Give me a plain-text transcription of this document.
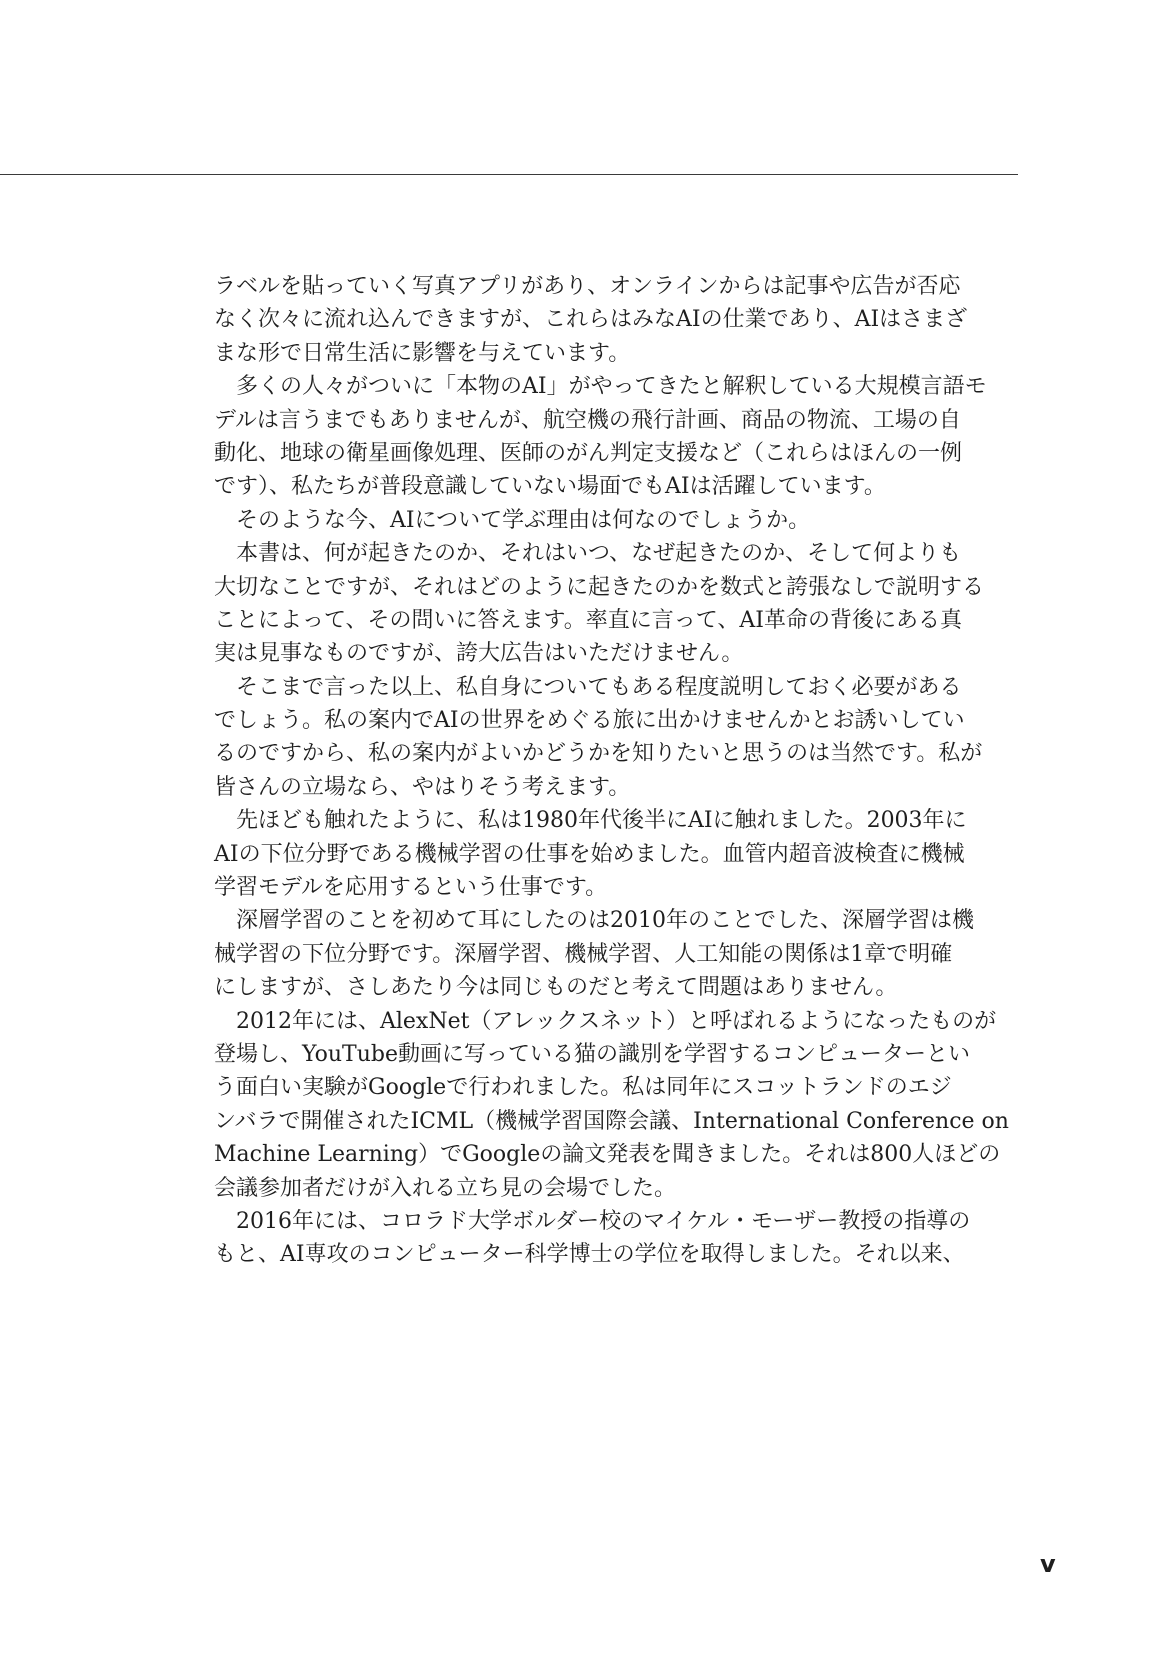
ラベルを貼っていく写真アプリがあり、オンラインからは記事や広告が否応
なく次々に流れ込んできますが、これらはみなAIの仕業であり、AIはさまざ
まな形で日常生活に影響を与えています。
多くの人々がついに「本物のAI」がやってきたと解釈している大規模言語モ
デルは言うまでもありませんが、航空機の飛行計画、商品の物流、工場の自
動化、地球の衛星画像処理、医師のがん判定支援など（これらはほんの一例
です）、私たちが普段意識していない場面でもAIは活躍しています。
そのような今、AIについて学ぶ理由は何なのでしょうか。
本書は、何が起きたのか、それはいつ、なぜ起きたのか、そして何よりも
大切なことですが、それはどのように起きたのかを数式と誇張なしで説明する
ことによって、その問いに答えます。率直に言って、AI革命の背後にある真
実は見事なものですが、誇大広告はいただけません。
そこまで言った以上、私自身についてもある程度説明しておく必要がある
でしょう。私の案内でAIの世界をめぐる旅に出かけませんかとお誘いしてい
るのですから、私の案内がよいかどうかを知りたいと思うのは当然です。私が
皆さんの立場なら、やはりそう考えます。
先ほども触れたように、私は1980年代後半にAIに触れました。2003年に
AIの下位分野である機械学習の仕事を始めました。血管内超音波検査に機械
学習モデルを応用するという仕事です。
深層学習のことを初めて耳にしたのは2010年のことでした、深層学習は機
械学習の下位分野です。深層学習、機械学習、人工知能の関係は1章で明確
にしますが、さしあたり今は同じものだと考えて問題はありません。
2012年には、AlexNet（アレックスネット）と呼ばれるようになったものが
登場し、YouTube動画に写っている猫の識別を学習するコンピューターとい
う面白い実験がGoogleで行われました。私は同年にスコットランドのエジ
ンバラで開催されたICML（機械学習国際会議、International Conference on
Machine Learning）でGoogleの論文発表を聞きました。それは800人ほどの
会議参加者だけが入れる立ち見の会場でした。
2016年には、コロラド大学ボルダー校のマイケル・モーザー教授の指導の
もと、AI専攻のコンピューター科学博士の学位を取得しました。それ以来、
v
